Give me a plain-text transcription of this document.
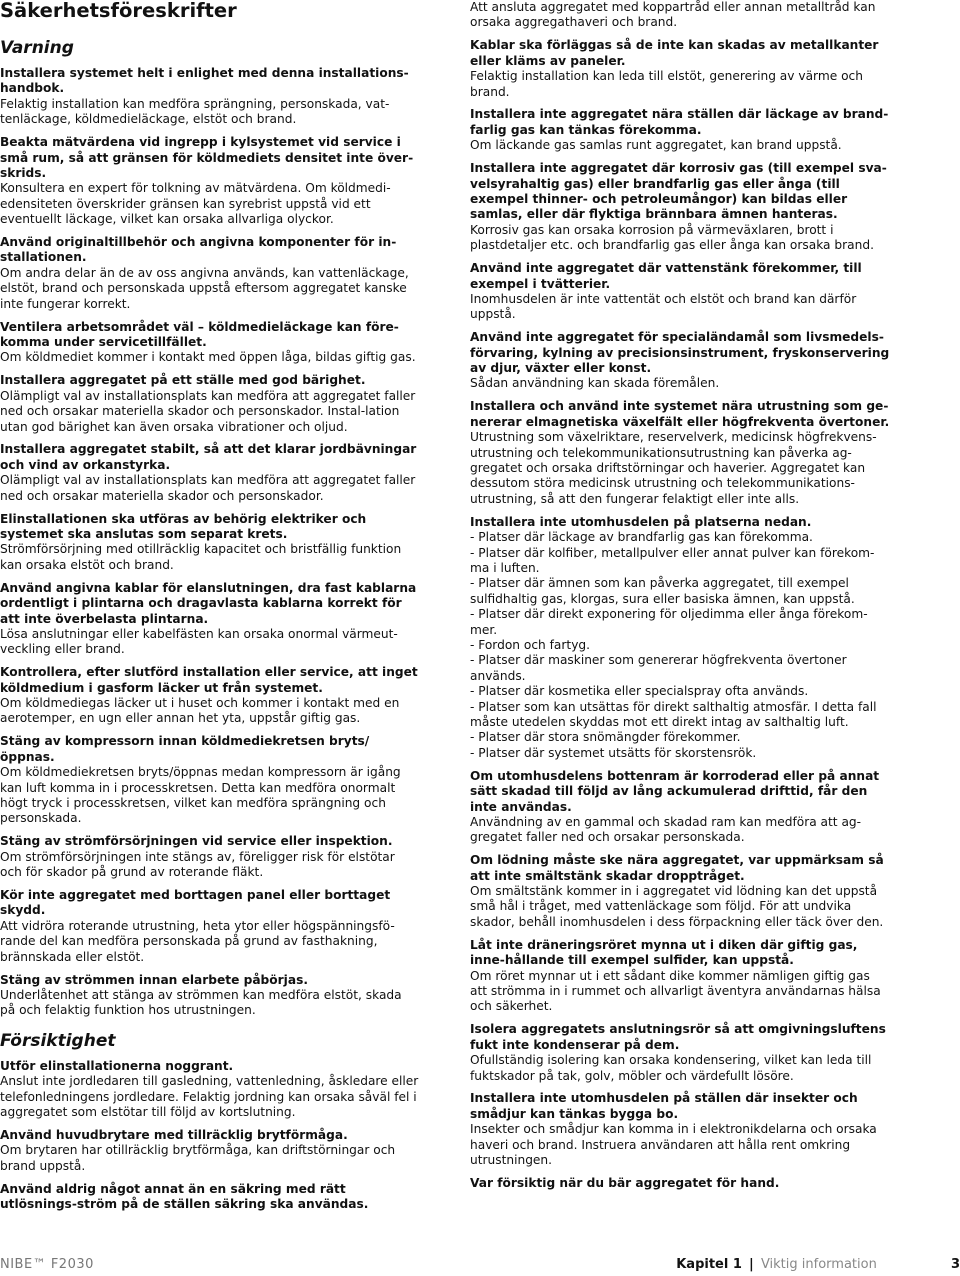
Säkerhetsföreskrifter
Varning

Installera systemet helt i enlighet med denna installations-handbok.

Felaktig installation kan medföra sprängning, personskada, vat-tenläckage, köldmedieläckage, elstöt och brand.

Beakta mätvärdena vid ingrepp i kylsystemet vid service i små rum, så att gränsen för köldmediets densitet inte över-skrids.

Konsultera en expert för tolkning av mätvärdena. Om köldmedi-edensiteten överskrider gränsen kan syrebrist uppstå vid ett eventuellt läckage, vilket kan orsaka allvarliga olyckor.

Använd originaltillbehör och angivna komponenter för in-stallationen.

Om andra delar än de av oss angivna används, kan vattenläckage, elstöt, brand och personskada uppstå eftersom aggregatet kanske inte fungerar korrekt.

Ventilera arbetsområdet väl – köldmedieläckage kan före-komma under servicetillfället.

Om köldmediet kommer i kontakt med öppen låga, bildas giftig gas.

Installera aggregatet på ett ställe med god bärighet.

Olämpligt val av installationsplats kan medföra att aggregatet faller ned och orsakar materiella skador och personskador. Instal-lation utan god bärighet kan även orsaka vibrationer och oljud.

Installera aggregatet stabilt, så att det klarar jordbävningar och vind av orkanstyrka.

Olämpligt val av installationsplats kan medföra att aggregatet faller ned och orsakar materiella skador och personskador.

Elinstallationen ska utföras av behörig elektriker och systemet ska anslutas som separat krets.

Strömförsörjning med otillräcklig kapacitet och bristfällig funktion kan orsaka elstöt och brand.

Använd angivna kablar för elanslutningen, dra fast kablarna ordentligt i plintarna och dragavlasta kablarna korrekt för att inte överbelasta plintarna.

Lösa anslutningar eller kabelfästen kan orsaka onormal värmeut-veckling eller brand.

Kontrollera, efter slutförd installation eller service, att inget köldmedium i gasform läcker ut från systemet.

Om köldmediegas läcker ut i huset och kommer i kontakt med en aerotemper, en ugn eller annan het yta, uppstår giftig gas.

Stäng av kompressorn innan köldmediekretsen bryts/öppnas.

Om köldmediekretsen bryts/öppnas medan kompressorn är igång kan luft komma in i processkretsen. Detta kan medföra onormalt högt tryck i processkretsen, vilket kan medföra sprängning och personskada.

Stäng av strömförsörjningen vid service eller inspektion.

Om strömförsörjningen inte stängs av, föreligger risk för elstötar och för skador på grund av roterande fläkt.

Kör inte aggregatet med borttagen panel eller borttaget skydd.

Att vidröra roterande utrustning, heta ytor eller högspänningsfö-rande del kan medföra personskada på grund av fasthakning, brännskada eller elstöt.

Stäng av strömmen innan elarbete påbörjas.

Underlåtenhet att stänga av strömmen kan medföra elstöt, skada på och felaktig funktion hos utrustningen.

Försiktighet

Utför elinstallationerna noggrant.

Anslut inte jordledaren till gasledning, vattenledning, åskledare eller telefonledningens jordledare. Felaktig jordning kan orsaka såväl fel i aggregatet som elstötar till följd av kortslutning.

Använd huvudbrytare med tillräcklig brytförmåga.

Om brytaren har otillräcklig brytförmåga, kan driftstörningar och brand uppstå.

Använd aldrig något annat än en säkring med rätt utlösnings-ström på de ställen säkring ska användas.

Att ansluta aggregatet med koppartråd eller annan metalltråd kan orsaka aggregathaveri och brand.

Kablar ska förläggas så de inte kan skadas av metallkanter eller kläms av paneler.

Felaktig installation kan leda till elstöt, generering av värme och brand.

Installera inte aggregatet nära ställen där läckage av brand-farlig gas kan tänkas förekomma.

Om läckande gas samlas runt aggregatet, kan brand uppstå.

Installera inte aggregatet där korrosiv gas (till exempel sva-velsyrahaltig gas) eller brandfarlig gas eller ånga (till exempel thinner- och petroleumångor) kan bildas eller samlas, eller där flyktiga brännbara ämnen hanteras.

Korrosiv gas kan orsaka korrosion på värmeväxlaren, brott i plastdetaljer etc. och brandfarlig gas eller ånga kan orsaka brand.

Använd inte aggregatet där vattenstänk förekommer, till exempel i tvätterier.

Inomhusdelen är inte vattentät och elstöt och brand kan därför uppstå.

Använd inte aggregatet för specialändamål som livsmedels-förvaring, kylning av precisionsinstrument, fryskonservering av djur, växter eller konst.

Sådan användning kan skada föremålen.

Installera och använd inte systemet nära utrustning som ge-nererar elmagnetiska växelfält eller högfrekventa övertoner.

Utrustning som växelriktare, reservelverk, medicinsk högfrekvens-utrustning och telekommunikationsutrustning kan påverka ag-gregatet och orsaka driftstörningar och haverier. Aggregatet kan dessutom störa medicinsk utrustning och telekommunikations-utrustning, så att den fungerar felaktigt eller inte alls.

Installera inte utomhusdelen på platserna nedan.

- Platser där läckage av brandfarlig gas kan förekomma.

- Platser där kolfiber, metallpulver eller annat pulver kan förekom-ma i luften.

- Platser där ämnen som kan påverka aggregatet, till exempel sulfidhaltig gas, klorgas, sura eller basiska ämnen, kan uppstå.

- Platser där direkt exponering för oljedimma eller ånga förekom-mer.

- Fordon och fartyg.

- Platser där maskiner som genererar högfrekventa övertoner används.

- Platser där kosmetika eller specialspray ofta används.

- Platser som kan utsättas för direkt salthaltig atmosfär. I detta fall måste utedelen skyddas mot ett direkt intag av salthaltig luft.

- Platser där stora snömängder förekommer.

- Platser där systemet utsätts för skorstensrök.

Om utomhusdelens bottenram är korroderad eller på annat sätt skadad till följd av lång ackumulerad drifttid, får den inte användas.

Användning av en gammal och skadad ram kan medföra att ag-gregatet faller ned och orsakar personskada.

Om lödning måste ske nära aggregatet, var uppmärksam så att inte smältstänk skadar dropptråget.

Om smältstänk kommer in i aggregatet vid lödning kan det uppstå små hål i tråget, med vattenläckage som följd. För att undvika skador, behåll inomhusdelen i dess förpackning eller täck över den.

Låt inte dräneringsröret mynna ut i diken där giftig gas, inne-hållande till exempel sulfider, kan uppstå.

Om röret mynnar ut i ett sådant dike kommer nämligen giftig gas att strömma in i rummet och allvarligt äventyra användarnas hälsa och säkerhet.

Isolera aggregatets anslutningsrör så att omgivningsluftens fukt inte kondenserar på dem.

Ofullständig isolering kan orsaka kondensering, vilket kan leda till fuktskador på tak, golv, möbler och värdefullt lösöre.

Installera inte utomhusdelen på ställen där insekter och smådjur kan tänkas bygga bo.

Insekter och smådjur kan komma in i elektronikdelarna och orsaka haveri och brand. Instruera användaren att hålla rent omkring utrustningen.

Var försiktig när du bär aggregatet för hand.

NIBE™ F2030	Kapitel 1 | Viktig information	3
